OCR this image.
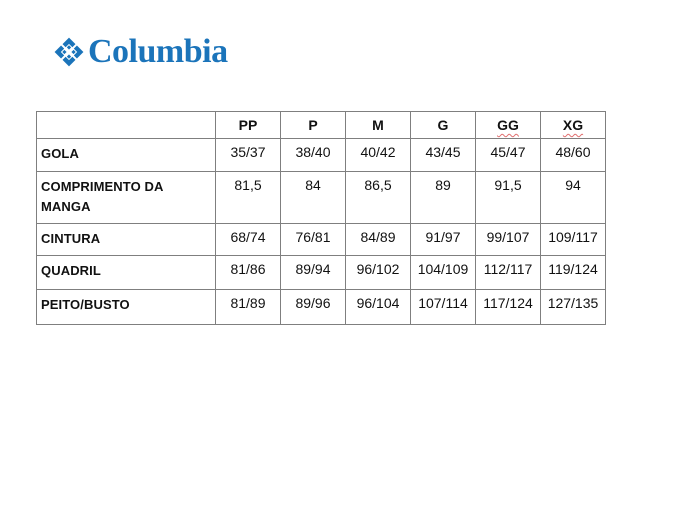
Columbia
	PP	P	M	G	GG	XG
GOLA	35/37	38/40	40/42	43/45	45/47	48/60
COMPRIMENTO DA MANGA	81,5	84	86,5	89	91,5	94
CINTURA	68/74	76/81	84/89	91/97	99/107	109/117
QUADRIL	81/86	89/94	96/102	104/109	112/117	119/124
PEITO/BUSTO	81/89	89/96	96/104	107/114	117/124	127/135
